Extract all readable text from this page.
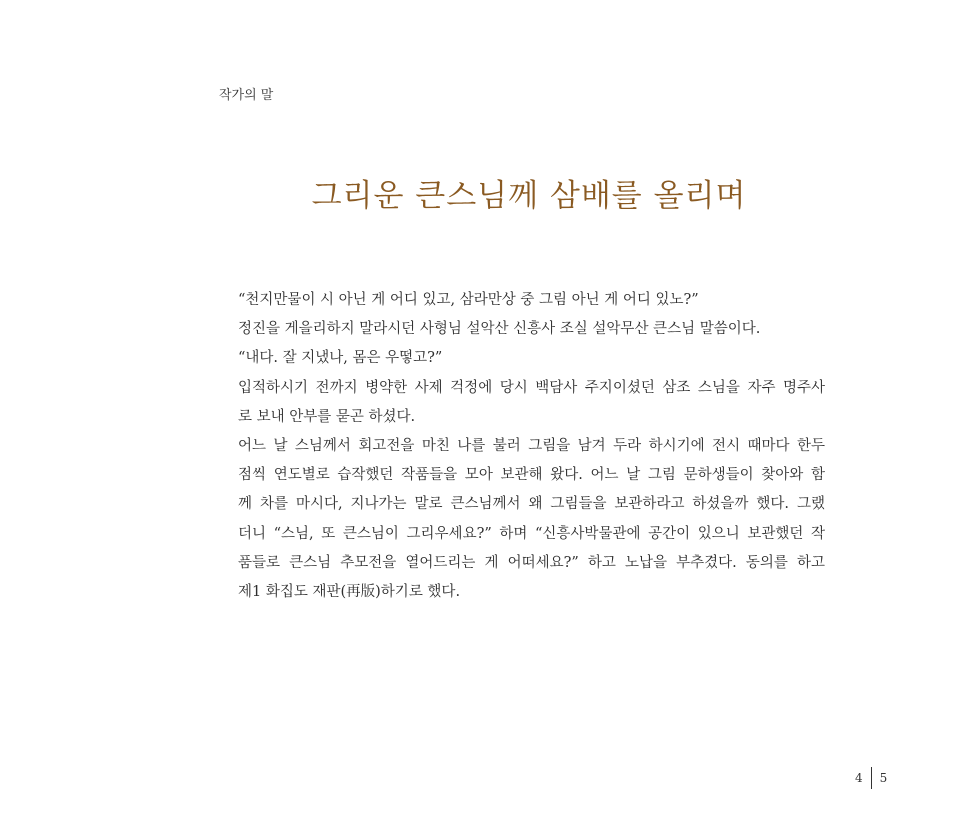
작가의 말
그리운 큰스님께 삼배를 올리며
“천지만물이 시 아닌 게 어디 있고, 삼라만상 중 그림 아닌 게 어디 있노?”
정진을 게을리하지 말라시던 사형님 설악산 신흥사 조실 설악무산 큰스님 말씀이다.
“내다. 잘 지냈나, 몸은 우떻고?”
입적하시기 전까지 병약한 사제 걱정에 당시 백담사 주지이셨던 삼조 스님을 자주 명주사
로 보내 안부를 묻곤 하셨다.
어느 날 스님께서 회고전을 마친 나를 불러 그림을 남겨 두라 하시기에 전시 때마다 한두
점씩 연도별로 습작했던 작품들을 모아 보관해 왔다. 어느 날 그림 문하생들이 찾아와 함
께 차를 마시다, 지나가는 말로 큰스님께서 왜 그림들을 보관하라고 하셨을까 했다. 그랬
더니 “스님, 또 큰스님이 그리우세요?” 하며 “신흥사박물관에 공간이 있으니 보관했던 작
품들로 큰스님 추모전을 열어드리는 게 어떠세요?” 하고 노납을 부추겼다. 동의를 하고
제1 화집도 재판(再版)하기로 했다.
4 5
